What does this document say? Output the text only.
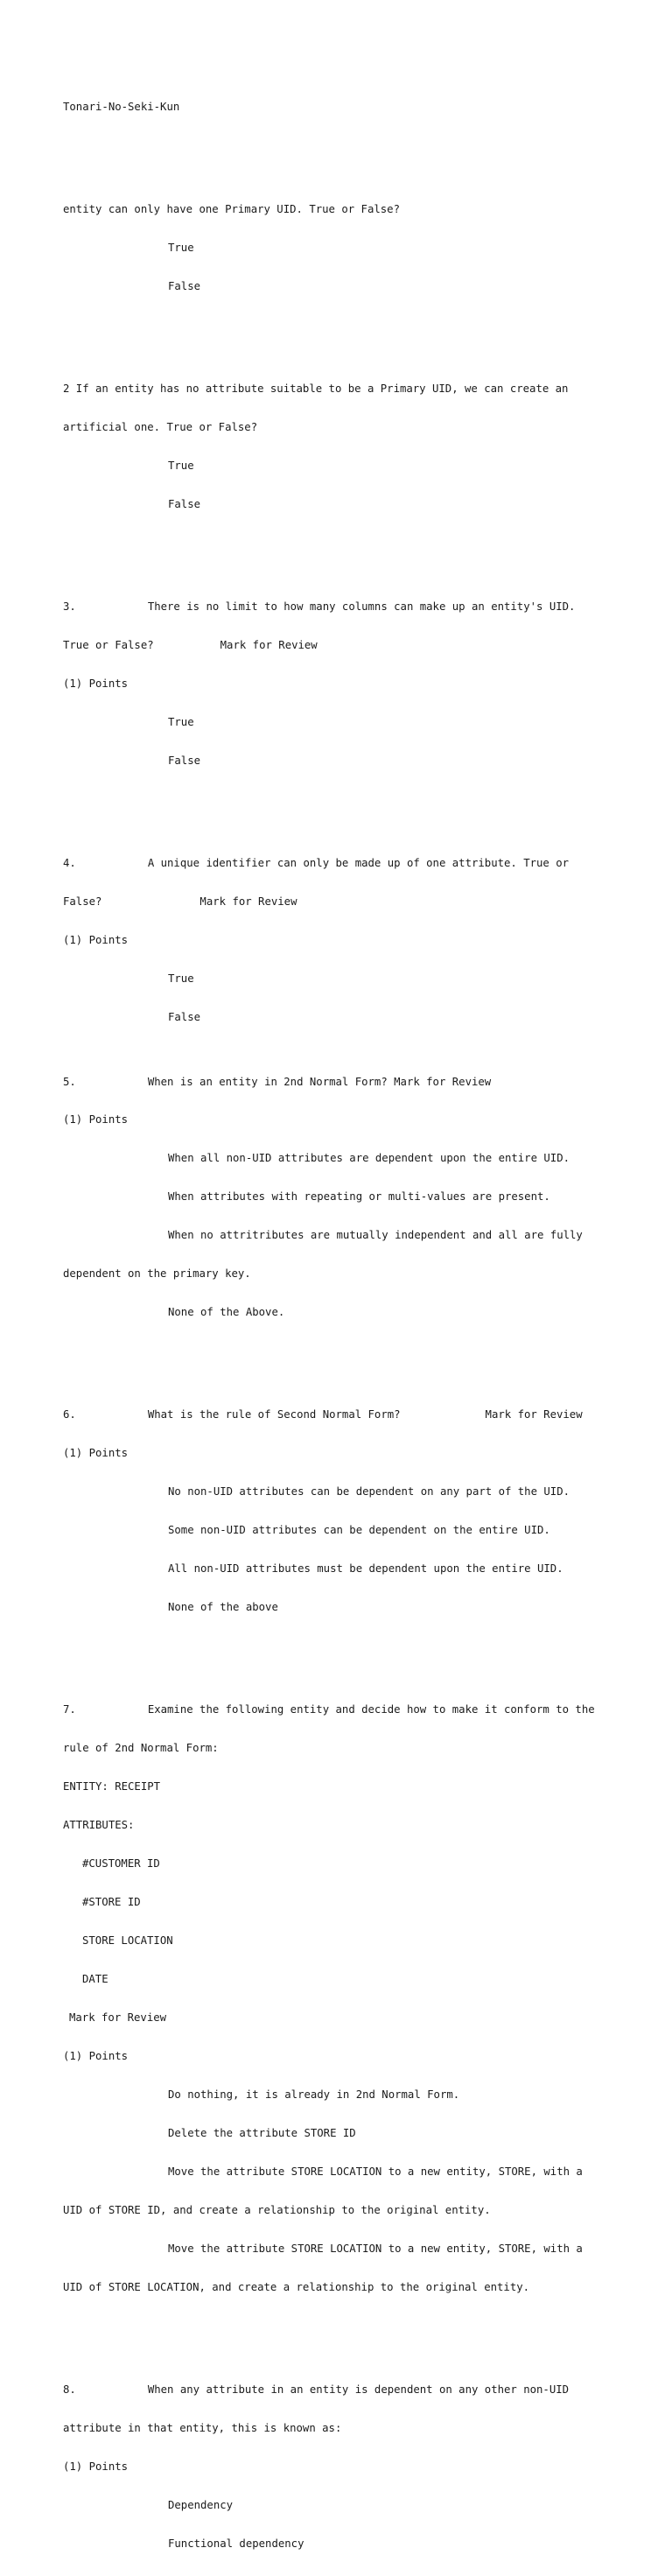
Tonari-No-Seki-Kun

entity can only have one Primary UID. True or False?

True

False

2 If an entity has no attribute suitable to be a Primary UID, we can create an

artificial one. True or False?

True

False

3.	There is no limit to how many columns can make up an entity's UID.

True or False?	Mark for Review

(1) Points

True

False

4.	A unique identifier can only be made up of one attribute. True or

False?	Mark for Review

(1) Points

True

False

5.	When is an entity in 2nd Normal Form? Mark for Review

(1) Points

When all non-UID attributes are dependent upon the entire UID.

When attributes with repeating or multi-values are present.

When no attritributes are mutually independent and all are fully

dependent on the primary key.

None of the Above.

6.	What is the rule of Second Normal Form?	Mark for Review

(1) Points

No non-UID attributes can be dependent on any part of the UID.

Some non-UID attributes can be dependent on the entire UID.

All non-UID attributes must be dependent upon the entire UID.

None of the above

7.	Examine the following entity and decide how to make it conform to the

rule of 2nd Normal Form:

ENTITY: RECEIPT

ATTRIBUTES:

#CUSTOMER ID

#STORE ID

STORE LOCATION

DATE

Mark for Review

(1) Points

Do nothing, it is already in 2nd Normal Form.

Delete the attribute STORE ID

Move the attribute STORE LOCATION to a new entity, STORE, with a

UID of STORE ID, and create a relationship to the original entity.

Move the attribute STORE LOCATION to a new entity, STORE, with a

UID of STORE LOCATION, and create a relationship to the original entity.

8.	When any attribute in an entity is dependent on any other non-UID

attribute in that entity, this is known as:

(1) Points

Dependency

Functional dependency
